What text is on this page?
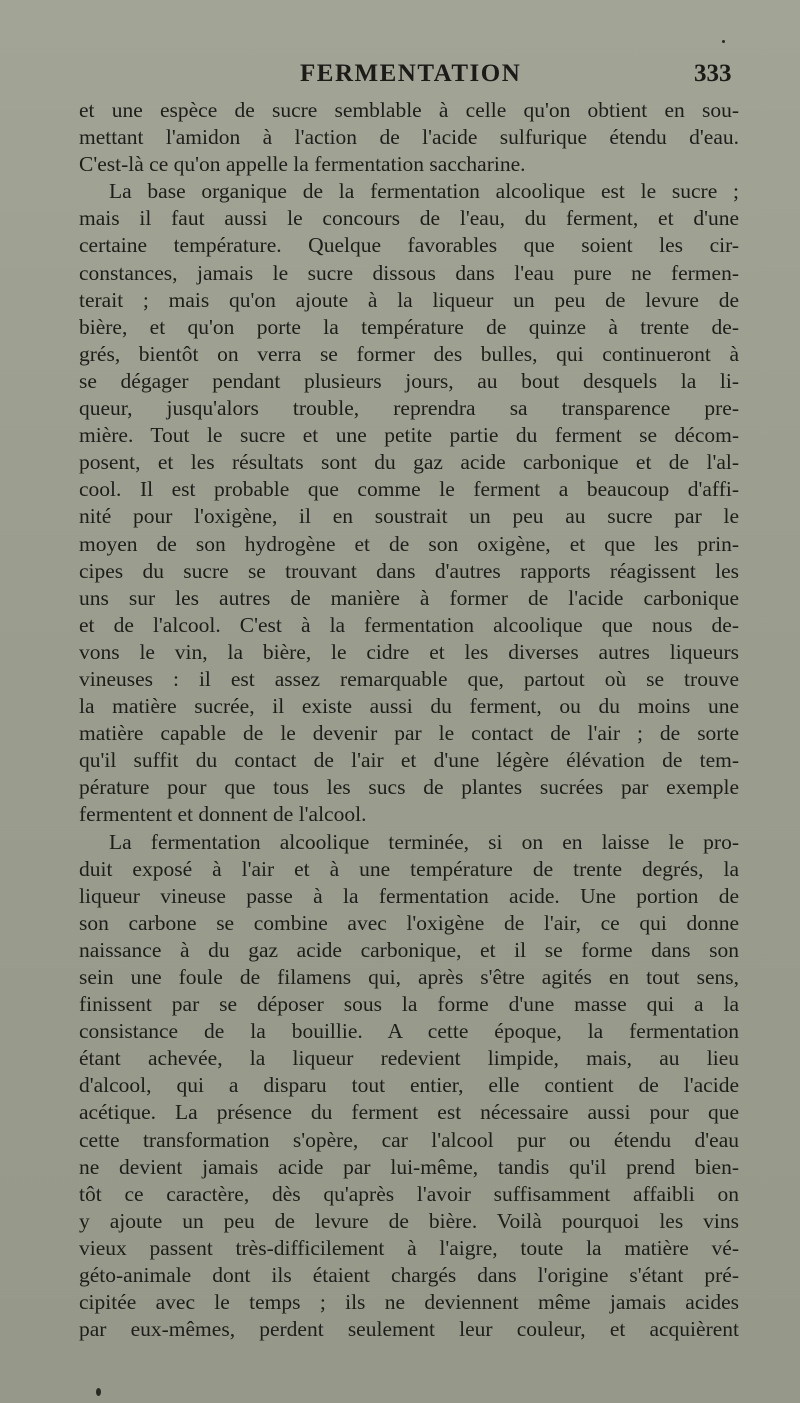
FERMENTATION	333
et une espèce de sucre semblable à celle qu'on obtient en sou-
mettant l'amidon à l'action de l'acide sulfurique étendu d'eau.
C'est-là ce qu'on appelle la fermentation saccharine.
La base organique de la fermentation alcoolique est le sucre ;
mais il faut aussi le concours de l'eau, du ferment, et d'une
certaine température. Quelque favorables que soient les cir-
constances, jamais le sucre dissous dans l'eau pure ne fermen-
terait ; mais qu'on ajoute à la liqueur un peu de levure de
bière, et qu'on porte la température de quinze à trente de-
grés, bientôt on verra se former des bulles, qui continueront à
se dégager pendant plusieurs jours, au bout desquels la li-
queur, jusqu'alors trouble, reprendra sa transparence pre-
mière. Tout le sucre et une petite partie du ferment se décom-
posent, et les résultats sont du gaz acide carbonique et de l'al-
cool. Il est probable que comme le ferment a beaucoup d'affi-
nité pour l'oxigène, il en soustrait un peu au sucre par le
moyen de son hydrogène et de son oxigène, et que les prin-
cipes du sucre se trouvant dans d'autres rapports réagissent les
uns sur les autres de manière à former de l'acide carbonique
et de l'alcool. C'est à la fermentation alcoolique que nous de-
vons le vin, la bière, le cidre et les diverses autres liqueurs
vineuses : il est assez remarquable que, partout où se trouve
la matière sucrée, il existe aussi du ferment, ou du moins une
matière capable de le devenir par le contact de l'air ; de sorte
qu'il suffit du contact de l'air et d'une légère élévation de tem-
pérature pour que tous les sucs de plantes sucrées par exemple
fermentent et donnent de l'alcool.
La fermentation alcoolique terminée, si on en laisse le pro-
duit exposé à l'air et à une température de trente degrés, la
liqueur vineuse passe à la fermentation acide. Une portion de
son carbone se combine avec l'oxigène de l'air, ce qui donne
naissance à du gaz acide carbonique, et il se forme dans son
sein une foule de filamens qui, après s'être agités en tout sens,
finissent par se déposer sous la forme d'une masse qui a la
consistance de la bouillie. A cette époque, la fermentation
étant achevée, la liqueur redevient limpide, mais, au lieu
d'alcool, qui a disparu tout entier, elle contient de l'acide
acétique. La présence du ferment est nécessaire aussi pour que
cette transformation s'opère, car l'alcool pur ou étendu d'eau
ne devient jamais acide par lui-même, tandis qu'il prend bien-
tôt ce caractère, dès qu'après l'avoir suffisamment affaibli on
y ajoute un peu de levure de bière. Voilà pourquoi les vins
vieux passent très-difficilement à l'aigre, toute la matière vé-
géto-animale dont ils étaient chargés dans l'origine s'étant pré-
cipitée avec le temps ; ils ne deviennent même jamais acides
par eux-mêmes, perdent seulement leur couleur, et acquièrent
